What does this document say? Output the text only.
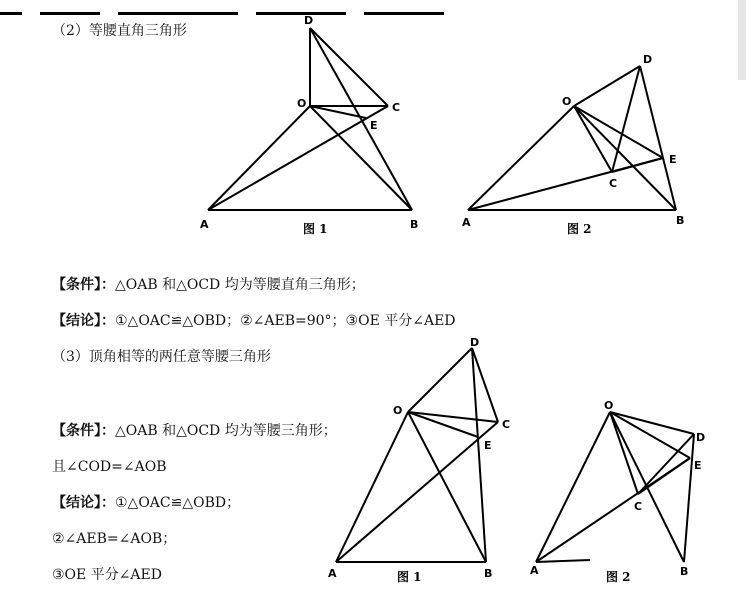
（2）等腰直角三角形
【条件】：△OAB 和△OCD 均为等腰直角三角形；
【结论】：①△OAC≌△OBD；②∠AEB=90°；③OE 平分∠AED
（3）顶角相等的两任意等腰三角形
【条件】：△OAB 和△OCD 均为等腰三角形；
且∠COD=∠AOB
【结论】：①△OAC≌△OBD；
②∠AEB=∠AOB；
③OE 平分∠AED
D
O	C
E
A	B
图 1
D
O
E
C
A	B
图 2
D
O
C
E
A	B
图 1
O
D
E
C
A	B
图 2
